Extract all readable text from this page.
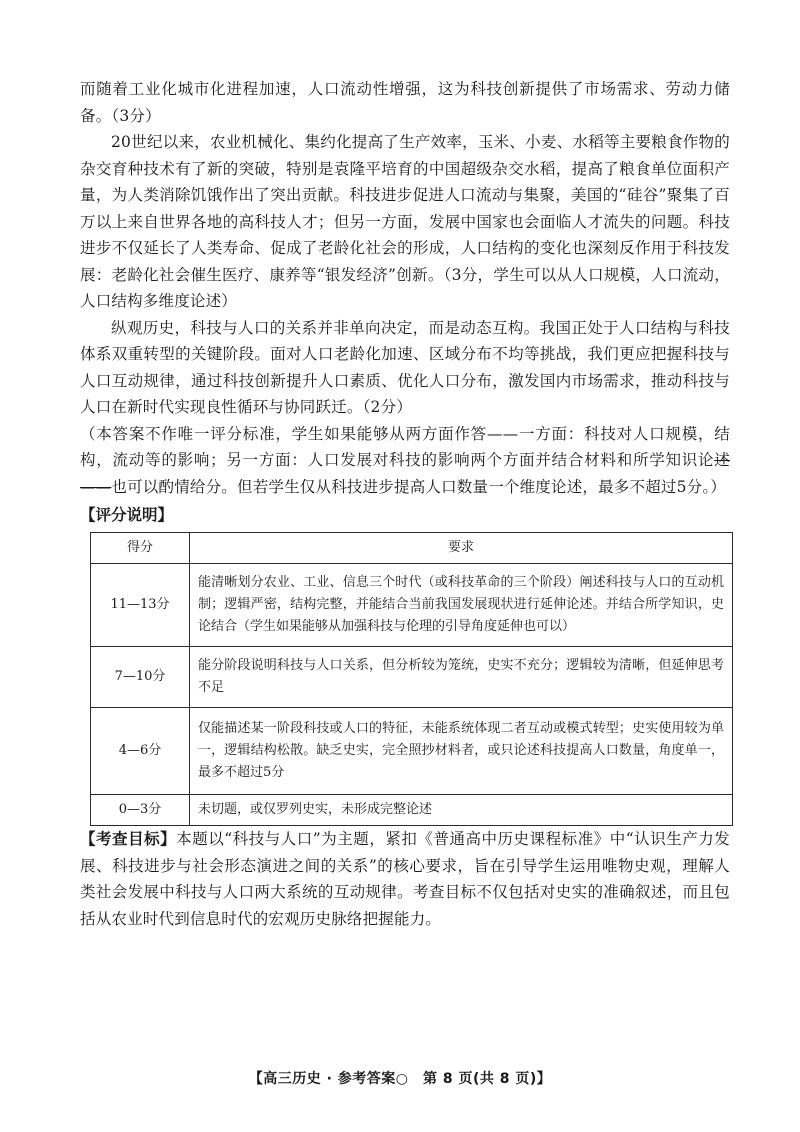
而随着工业化城市化进程加速，人口流动性增强，这为科技创新提供了市场需求、劳动力储备。（3分）

20世纪以来，农业机械化、集约化提高了生产效率，玉米、小麦、水稻等主要粮食作物的杂交育种技术有了新的突破，特别是袁隆平培育的中国超级杂交水稻，提高了粮食单位面积产量，为人类消除饥饿作出了突出贡献。科技进步促进人口流动与集聚，美国的“硅谷”聚集了百万以上来自世界各地的高科技人才；但另一方面，发展中国家也会面临人才流失的问题。科技进步不仅延长了人类寿命、促成了老龄化社会的形成，人口结构的变化也深刻反作用于科技发展：老龄化社会催生医疗、康养等“银发经济”创新。（3分，学生可以从人口规模，人口流动，人口结构多维度论述）

纵观历史，科技与人口的关系并非单向决定，而是动态互构。我国正处于人口结构与科技体系双重转型的关键阶段。面对人口老龄化加速、区域分布不均等挑战，我们更应把握科技与人口互动规律，通过科技创新提升人口素质、优化人口分布，激发国内市场需求，推动科技与人口在新时代实现良性循环与协同跃迁。（2分）

（本答案不作唯一评分标准，学生如果能够从两方面作答——一方面：科技对人口规模，结构，流动等的影响；另一方面：人口发展对科技的影响两个方面并结合材料和所学知识论述——也可以酌情给分。但若学生仅从科技进步提高人口数量一个维度论述，最多不超过5分。）

【评分说明】
得分	要求
11—13分	能清晰划分农业、工业、信息三个时代（或科技革命的三个阶段）阐述科技与人口的互动机制；逻辑严密，结构完整，并能结合当前我国发展现状进行延伸论述。并结合所学知识，史论结合（学生如果能够从加强科技与伦理的引导角度延伸也可以）
7—10分	能分阶段说明科技与人口关系，但分析较为笼统，史实不充分；逻辑较为清晰，但延伸思考不足
4—6分	仅能描述某一阶段科技或人口的特征，未能系统体现二者互动或模式转型；史实使用较为单一，逻辑结构松散。缺乏史实，完全照抄材料者，或只论述科技提高人口数量，角度单一，最多不超过5分
0—3分	未切题，或仅罗列史实，未形成完整论述

【考查目标】本题以“科技与人口”为主题，紧扣《普通高中历史课程标准》中“认识生产力发展、科技进步与社会形态演进之间的关系”的核心要求，旨在引导学生运用唯物史观，理解人类社会发展中科技与人口两大系统的互动规律。考查目标不仅包括对史实的准确叙述，而且包括从农业时代到信息时代的宏观历史脉络把握能力。

【高三历史 · 参考答案○　第 8 页(共 8 页)】
